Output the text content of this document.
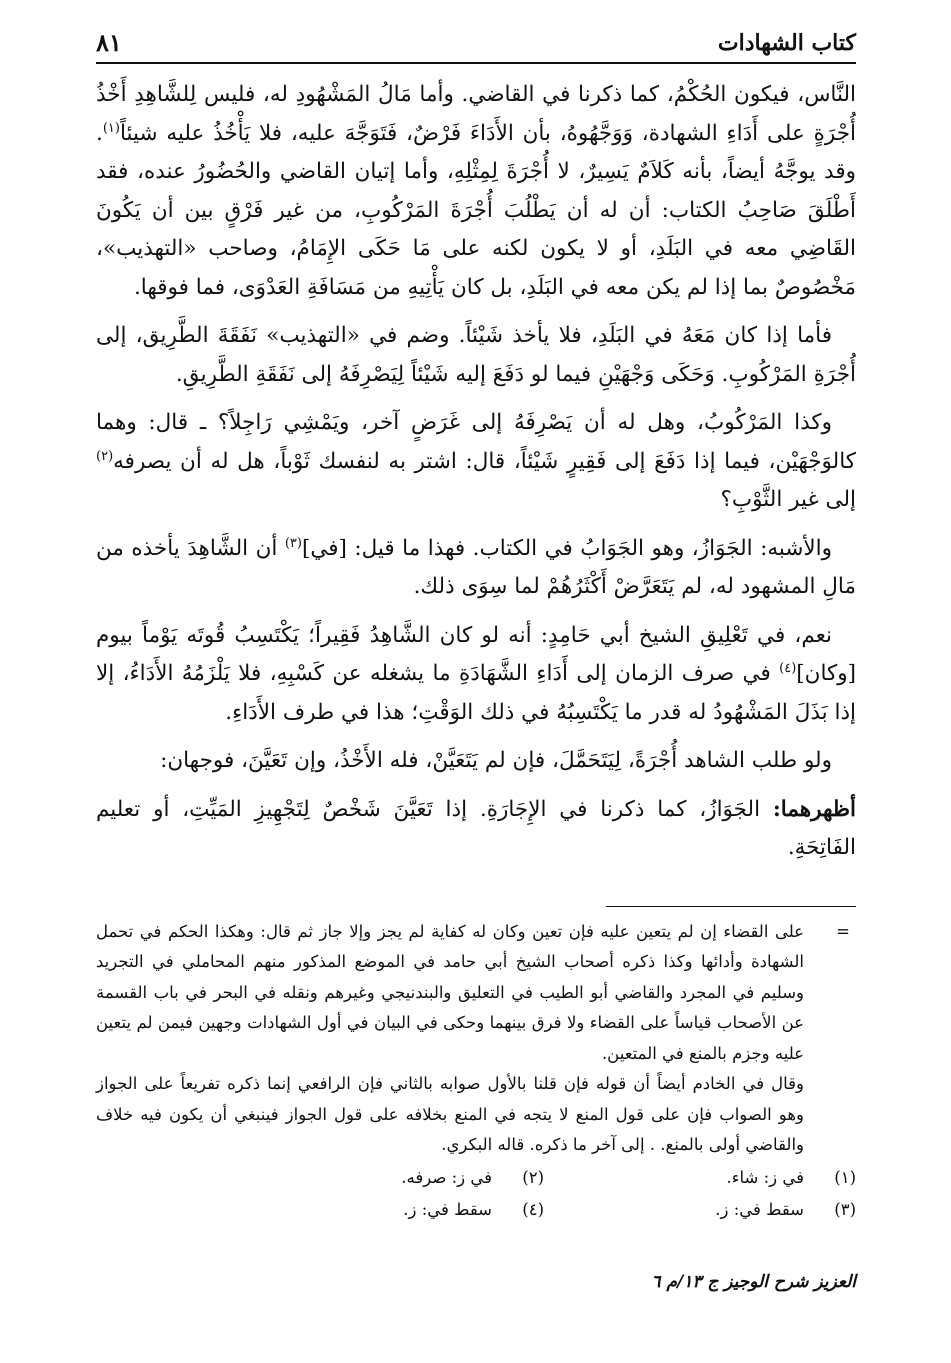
كتاب الشهادات
٨١

النَّاس، فيكون الحُكْمُ، كما ذكرنا في القاضي. وأما مَالُ المَشْهُودِ له، فليس لِلشَّاهِدِ أَخْذُ أُجْرَةٍ على أَدَاءِ الشهادة، وَوَجَّهُوهُ، بأن الأَدَاءَ فَرْضٌ، فَتَوَجَّهَ عليه، فلا يَأْخُذُ عليه شيئاً$^{(١)}$. وقد يوجَّهُ أيضاً، بأنه كَلاَمٌ يَسِيرٌ، لا أُجْرَةَ لِمِثْلِهِ، وأما إتيان القاضي والحُضُورُ عنده، فقد أَطْلَقَ صَاحِبُ الكتاب: أن له أن يَطْلُبَ أُجْرَةَ المَرْكُوبِ، من غير فَرْقٍ بين أن يَكُونَ القَاضِي معه في البَلَدِ، أو لا يكون لكنه على مَا حَكَى الإِمَامُ، وصاحب «التهذيب»، مَخْصُوصٌ بما إذا لم يكن معه في البَلَدِ، بل كان يَأْتِيهِ من مَسَافَةِ العَدْوَى، فما فوقها.

فأما إذا كان مَعَهُ في البَلَدِ، فلا يأخذ شَيْئاً. وضم في «التهذيب» نَفَقَةَ الطَّرِيق، إلى أُجْرَةِ المَرْكُوبِ. وَحَكَى وَجْهَيْنِ فيما لو دَفَعَ إليه شَيْئاً لِيَصْرِفَهُ إلى نَفَقَةِ الطَّرِيقِ.

وكذا المَرْكُوبُ، وهل له أن يَصْرِفَهُ إلى غَرَضٍ آخر، ويَمْشِي رَاجِلاً؟ ـ قال: وهما كالوَجْهَيْن، فيما إذا دَفَعَ إلى فَقِيرٍ شَيْئاً، قال: اشتر به لنفسك ثَوْباً، هل له أن يصرفه$^{(٢)}$ إلى غير الثَّوْبِ؟

والأشبه: الجَوَازُ، وهو الجَوَابُ في الكتاب. فهذا ما قيل: [في]$^{(٣)}$ أن الشَّاهِدَ يأخذه من مَالِ المشهود له، لم يَتَعَرَّضْ أَكْثَرُهُمْ لما سِوَى ذلك.

نعم، في تَعْلِيقِ الشيخ أبي حَامِدٍ: أنه لو كان الشَّاهِدُ فَقِيراً؛ يَكْتَسِبُ قُوتَه يَوْماً بيوم [وكان]$^{(٤)}$ في صرف الزمان إلى أَدَاءِ الشَّهَادَةِ ما يشغله عن كَسْبِهِ، فلا يَلْزَمُهُ الأَدَاءُ، إلا إذا بَذَلَ المَشْهُودُ له قدر ما يَكْتَسِبُهُ في ذلك الوَقْتِ؛ هذا في طرف الأَدَاءِ.

ولو طلب الشاهد أُجْرَةً، لِيَتَحَمَّلَ، فإن لم يَتَعَيَّنْ، فله الأَخْذُ، وإن تَعَيَّنَ، فوجهان:

أظهرهما: الجَوَازُ، كما ذكرنا في الإِجَارَةِ. إذا تَعَيَّنَ شَخْصٌ لِتَجْهِيزِ المَيِّتِ، أو تعليم الفَاتِحَةِ.

=

على القضاء إن لم يتعين عليه فإن تعين وكان له كفاية لم يجز وإلا جاز ثم قال: وهكذا الحكم في تحمل الشهادة وأدائها وكذا ذكره أصحاب الشيخ أبي حامد في الموضع المذكور منهم المحاملي في التجريد وسليم في المجرد والقاضي أبو الطيب في التعليق والبندنيجي وغيرهم ونقله في البحر في باب القسمة عن الأصحاب قياساً على القضاء ولا فرق بينهما وحكى في البيان في أول الشهادات وجهين فيمن لم يتعين عليه وجزم بالمنع في المتعين.

وقال في الخادم أيضاً أن قوله فإن قلنا بالأول صوابه بالثاني فإن الرافعي إنما ذكره تفريعاً على الجواز وهو الصواب فإن على قول المنع لا يتجه في المنع بخلافه على قول الجواز فينبغي أن يكون فيه خلاف والقاضي أولى بالمنع. . إلى آخر ما ذكره. قاله البكري.

(١)
في ز: شاء.
(٢)
في ز: صرفه.
(٣)
سقط في: ز.
(٤)
سقط في: ز.
العزيز شرح الوجيز ج ١٣/م ٦
